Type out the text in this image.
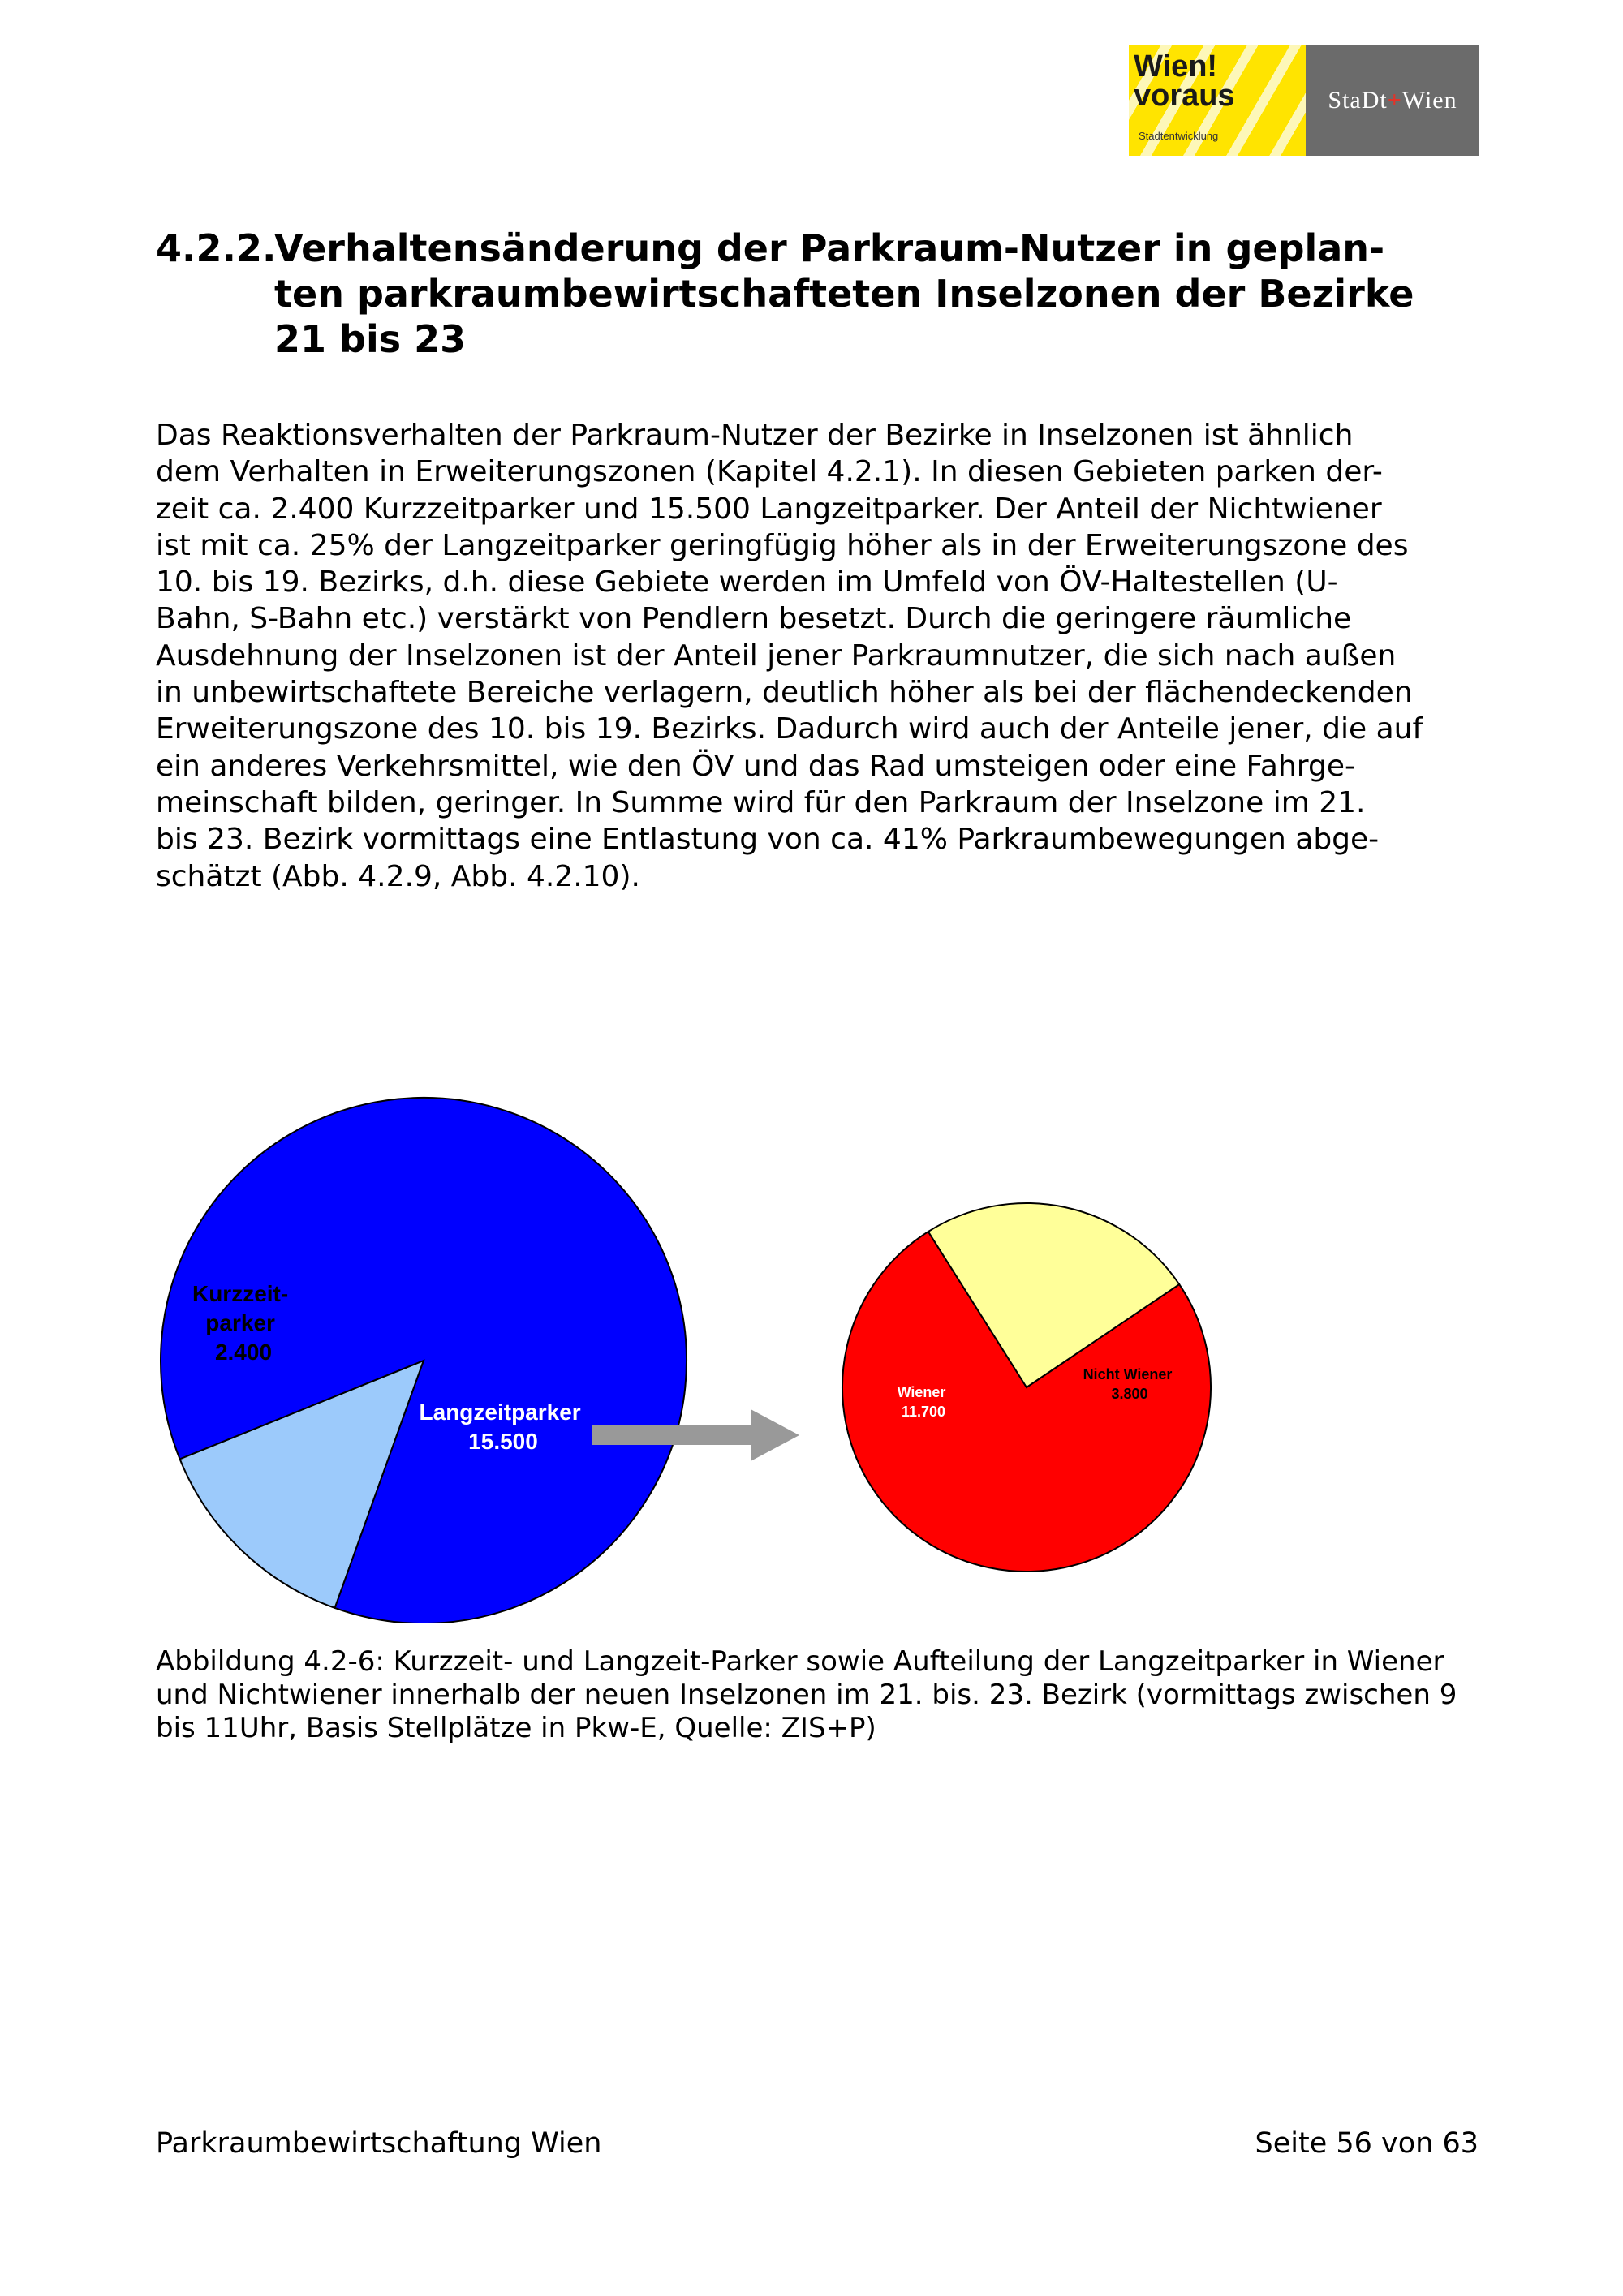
Wien!
voraus
Stadtentwicklung
StaDt + Wien
4.2.2.
Verhaltensänderung der Parkraum-Nutzer in geplan-
ten parkraumbewirtschafteten Inselzonen der Bezirke
21 bis 23
Das Reaktionsverhalten der Parkraum-Nutzer der Bezirke in Inselzonen ist ähnlich
dem Verhalten in Erweiterungszonen (Kapitel 4.2.1). In diesen Gebieten parken der-
zeit ca. 2.400 Kurzzeitparker und 15.500 Langzeitparker. Der Anteil der Nichtwiener
ist mit ca. 25% der Langzeitparker geringfügig höher als in der Erweiterungszone des
10. bis 19. Bezirks, d.h. diese Gebiete werden im Umfeld von ÖV-Haltestellen (U-
Bahn, S-Bahn etc.) verstärkt von Pendlern besetzt. Durch die geringere räumliche
Ausdehnung der Inselzonen ist der Anteil jener Parkraumnutzer, die sich nach außen
in unbewirtschaftete Bereiche verlagern, deutlich höher als bei der flächendeckenden
Erweiterungszone des 10. bis 19. Bezirks. Dadurch wird auch der Anteile jener, die auf
ein anderes Verkehrsmittel, wie den ÖV und das Rad umsteigen oder eine Fahrge-
meinschaft bilden, geringer. In Summe wird für den Parkraum der Inselzone im 21.
bis 23. Bezirk vormittags eine Entlastung von ca. 41% Parkraumbewegungen abge-
schätzt (Abb. 4.2.9, Abb. 4.2.10).
Kurzzeit- parker 2.400
Langzeitparker 15.500
Wiener 11.700
Nicht Wiener 3.800
Abbildung 4.2-6: Kurzzeit- und Langzeit-Parker sowie Aufteilung der Langzeitparker in Wiener
und Nichtwiener innerhalb der neuen Inselzonen im 21. bis. 23. Bezirk (vormittags zwischen 9
bis 11Uhr, Basis Stellplätze in Pkw-E, Quelle: ZIS+P)
Parkraumbewirtschaftung Wien	Seite 56 von 63
